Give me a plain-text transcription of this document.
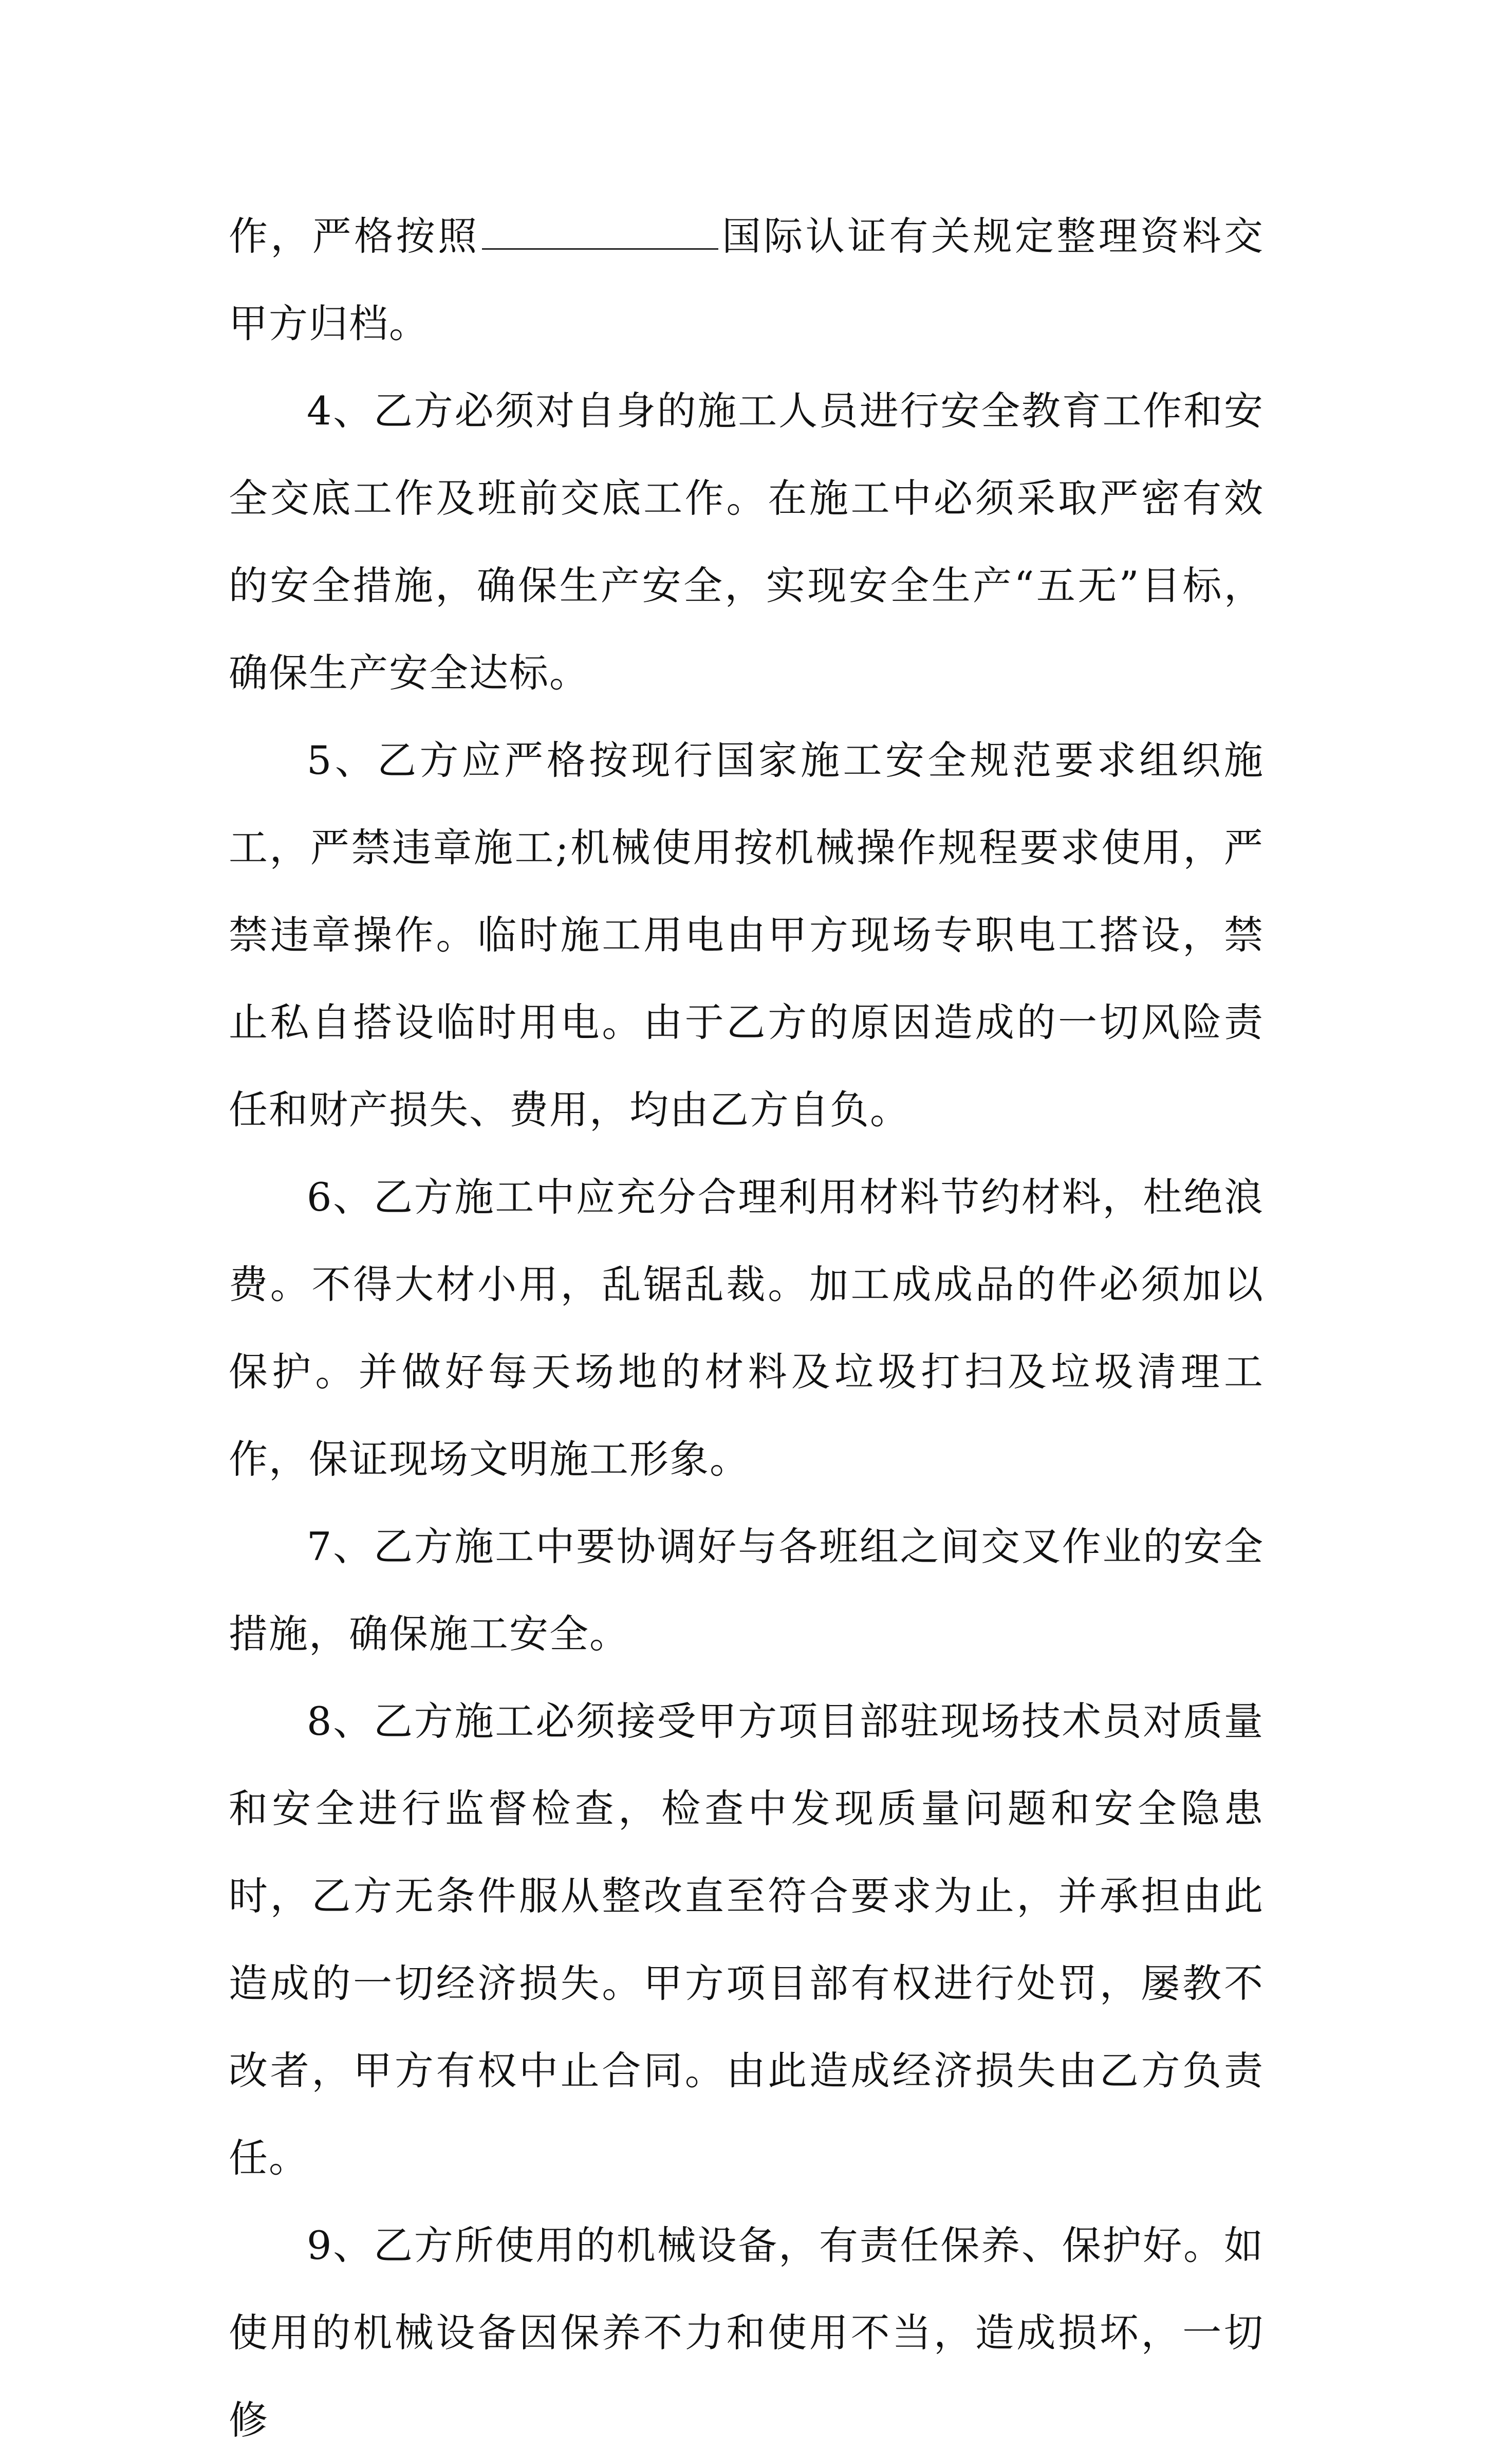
作，严格按照	国际认证有关规定整理资料交甲方归档。

4、乙方必须对自身的施工人员进行安全教育工作和安全交底工作及班前交底工作。在施工中必须采取严密有效的安全措施，确保生产安全，实现安全生产“五无”目标，确保生产安全达标。

5、乙方应严格按现行国家施工安全规范要求组织施工，严禁违章施工;机械使用按机械操作规程要求使用，严禁违章操作。临时施工用电由甲方现场专职电工搭设，禁止私自搭设临时用电。由于乙方的原因造成的一切风险责任和财产损失、费用，均由乙方自负。

6、乙方施工中应充分合理利用材料节约材料，杜绝浪费。不得大材小用，乱锯乱裁。加工成成品的件必须加以保护。并做好每天场地的材料及垃圾打扫及垃圾清理工作，保证现场文明施工形象。

7、乙方施工中要协调好与各班组之间交叉作业的安全措施，确保施工安全。

8、乙方施工必须接受甲方项目部驻现场技术员对质量和安全进行监督检查，检查中发现质量问题和安全隐患时，乙方无条件服从整改直至符合要求为止，并承担由此造成的一切经济损失。甲方项目部有权进行处罚，屡教不改者，甲方有权中止合同。由此造成经济损失由乙方负责任。

9、乙方所使用的机械设备，有责任保养、保护好。如使用的机械设备因保养不力和使用不当，造成损坏，一切修
